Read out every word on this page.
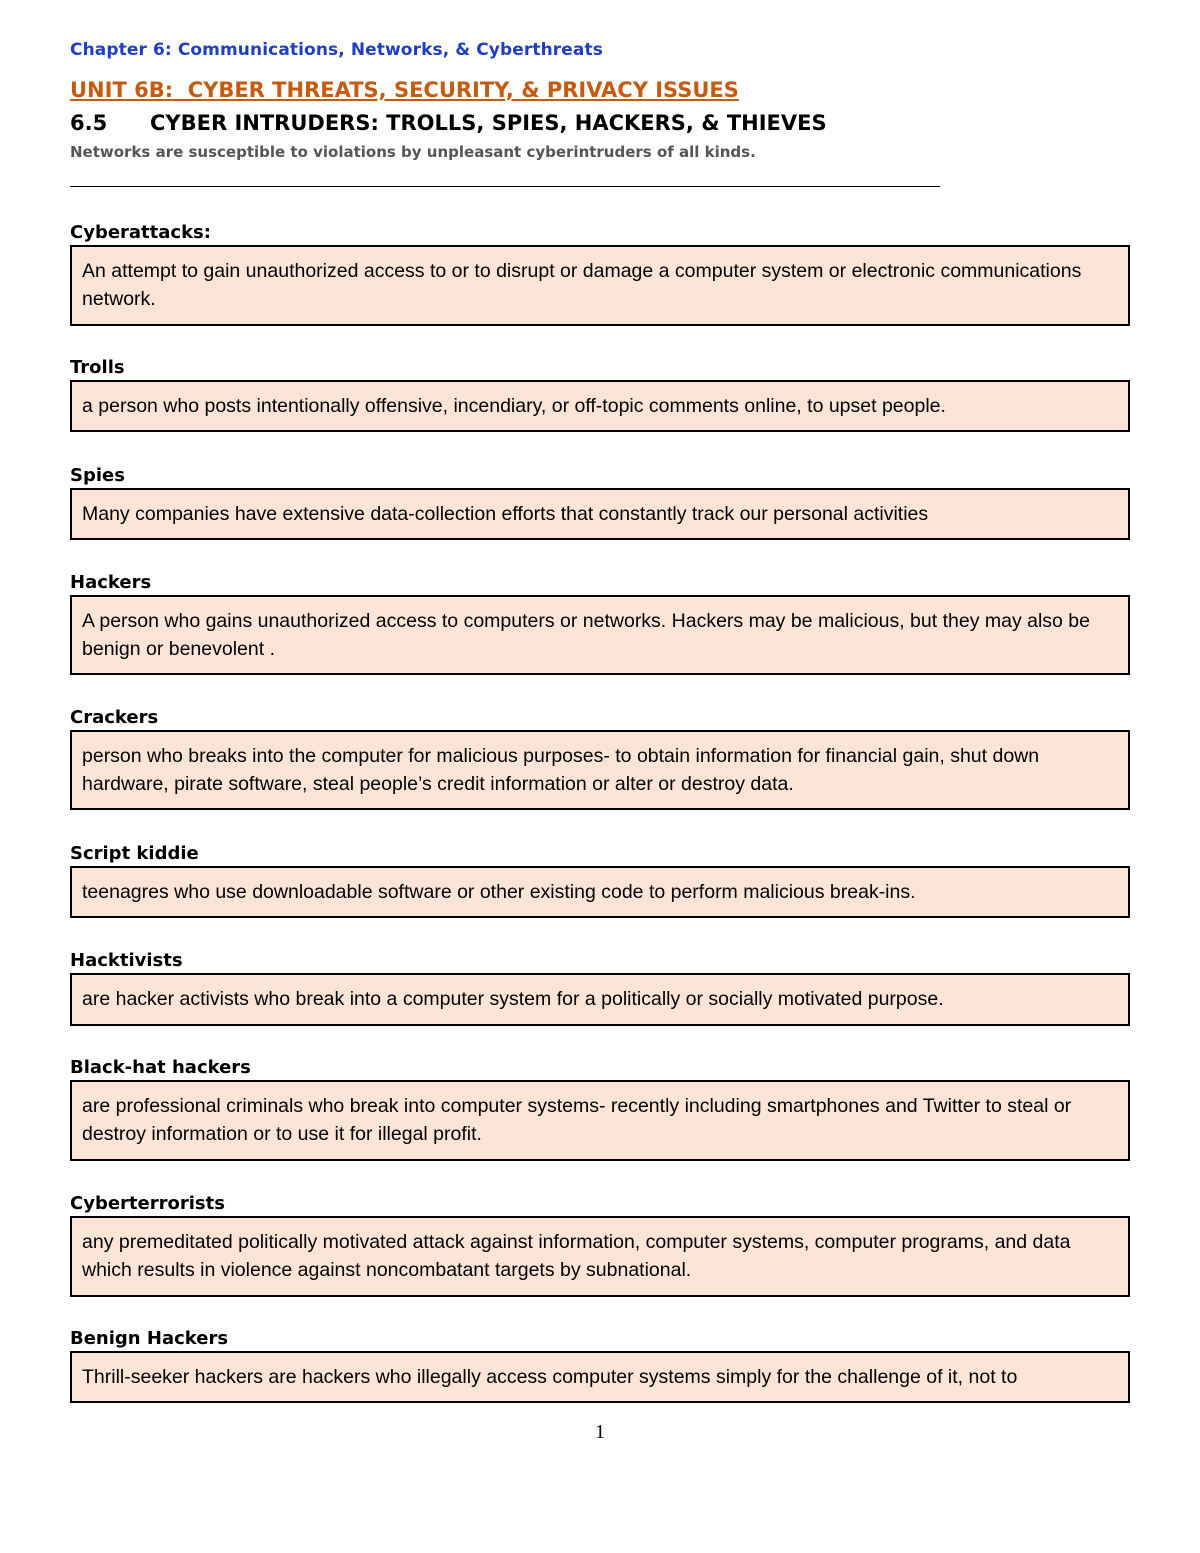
Chapter 6: Communications, Networks, & Cyberthreats
UNIT 6B:  CYBER THREATS, SECURITY, & PRIVACY ISSUES
6.5 CYBER INTRUDERS: TROLLS, SPIES, HACKERS, & THIEVES
Networks are susceptible to violations by unpleasant cyberintruders of all kinds.
Cyberattacks:
An attempt to gain unauthorized access to or to disrupt or damage a computer system or electronic communications network.
Trolls
a person who posts intentionally offensive, incendiary, or off-topic comments online, to upset people.
Spies
Many companies have extensive data-collection efforts that constantly track our personal activities
Hackers
A person who gains unauthorized access to computers or networks. Hackers may be malicious, but they may also be benign or benevolent .
Crackers
person who breaks into the computer for malicious purposes- to obtain information for financial gain, shut down hardware, pirate software, steal people’s credit information or alter or destroy data.
Script kiddie
teenagres who use downloadable software or other existing code to perform malicious break-ins.
Hacktivists
are hacker activists who break into a computer system for a politically or socially motivated purpose.
Black-hat hackers
are professional criminals who break into computer systems- recently including smartphones and Twitter to steal or destroy information or to use it for illegal profit.
Cyberterrorists
any premeditated politically motivated attack against information, computer systems, computer programs, and data which results in violence against noncombatant targets by subnational.
Benign Hackers
Thrill-seeker hackers are hackers who illegally access computer systems simply for the challenge of it, not to
1
